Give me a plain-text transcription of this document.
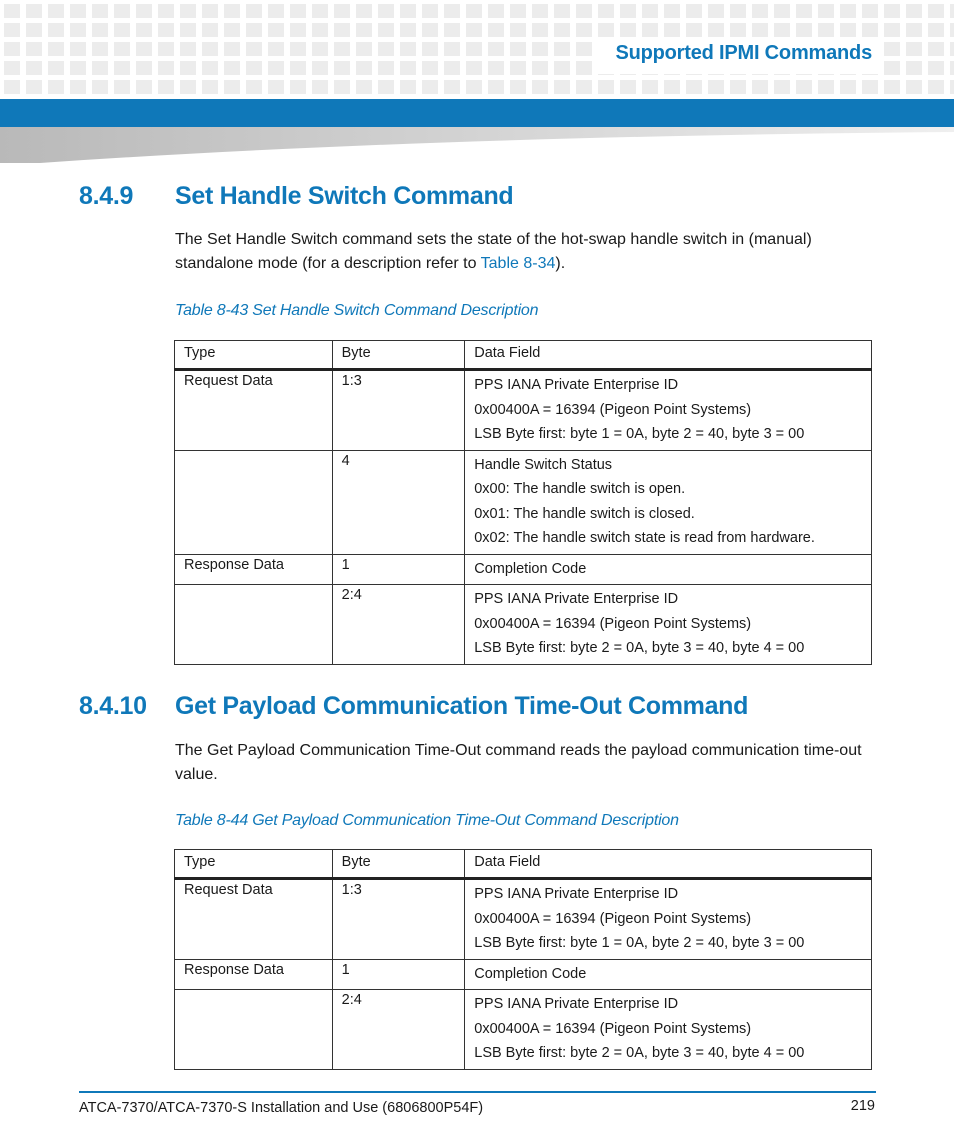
Supported IPMI Commands
8.4.9 Set Handle Switch Command

The Set Handle Switch command sets the state of the hot-swap handle switch in (manual) standalone mode (for a description refer to Table 8-34).

Table 8-43 Set Handle Switch Command Description
Type	Byte	Data Field
Request Data	1:3	PPS IANA Private Enterprise ID
0x00400A = 16394 (Pigeon Point Systems)
LSB Byte first: byte 1 = 0A, byte 2 = 40, byte 3 = 00

	4	Handle Switch Status
0x00: The handle switch is open.
0x01: The handle switch is closed.
0x02: The handle switch state is read from hardware.

Response Data	1	Completion Code

	2:4	PPS IANA Private Enterprise ID
0x00400A = 16394 (Pigeon Point Systems)
LSB Byte first: byte 2 = 0A, byte 3 = 40, byte 4 = 00
8.4.10 Get Payload Communication Time-Out Command

The Get Payload Communication Time-Out command reads the payload communication time-out value.

Table 8-44 Get Payload Communication Time-Out Command Description
Type	Byte	Data Field
Request Data	1:3	PPS IANA Private Enterprise ID
0x00400A = 16394 (Pigeon Point Systems)
LSB Byte first: byte 1 = 0A, byte 2 = 40, byte 3 = 00

Response Data	1	Completion Code

	2:4	PPS IANA Private Enterprise ID
0x00400A = 16394 (Pigeon Point Systems)
LSB Byte first: byte 2 = 0A, byte 3 = 40, byte 4 = 00
ATCA-7370/ATCA-7370-S Installation and Use (6806800P54F)	219
